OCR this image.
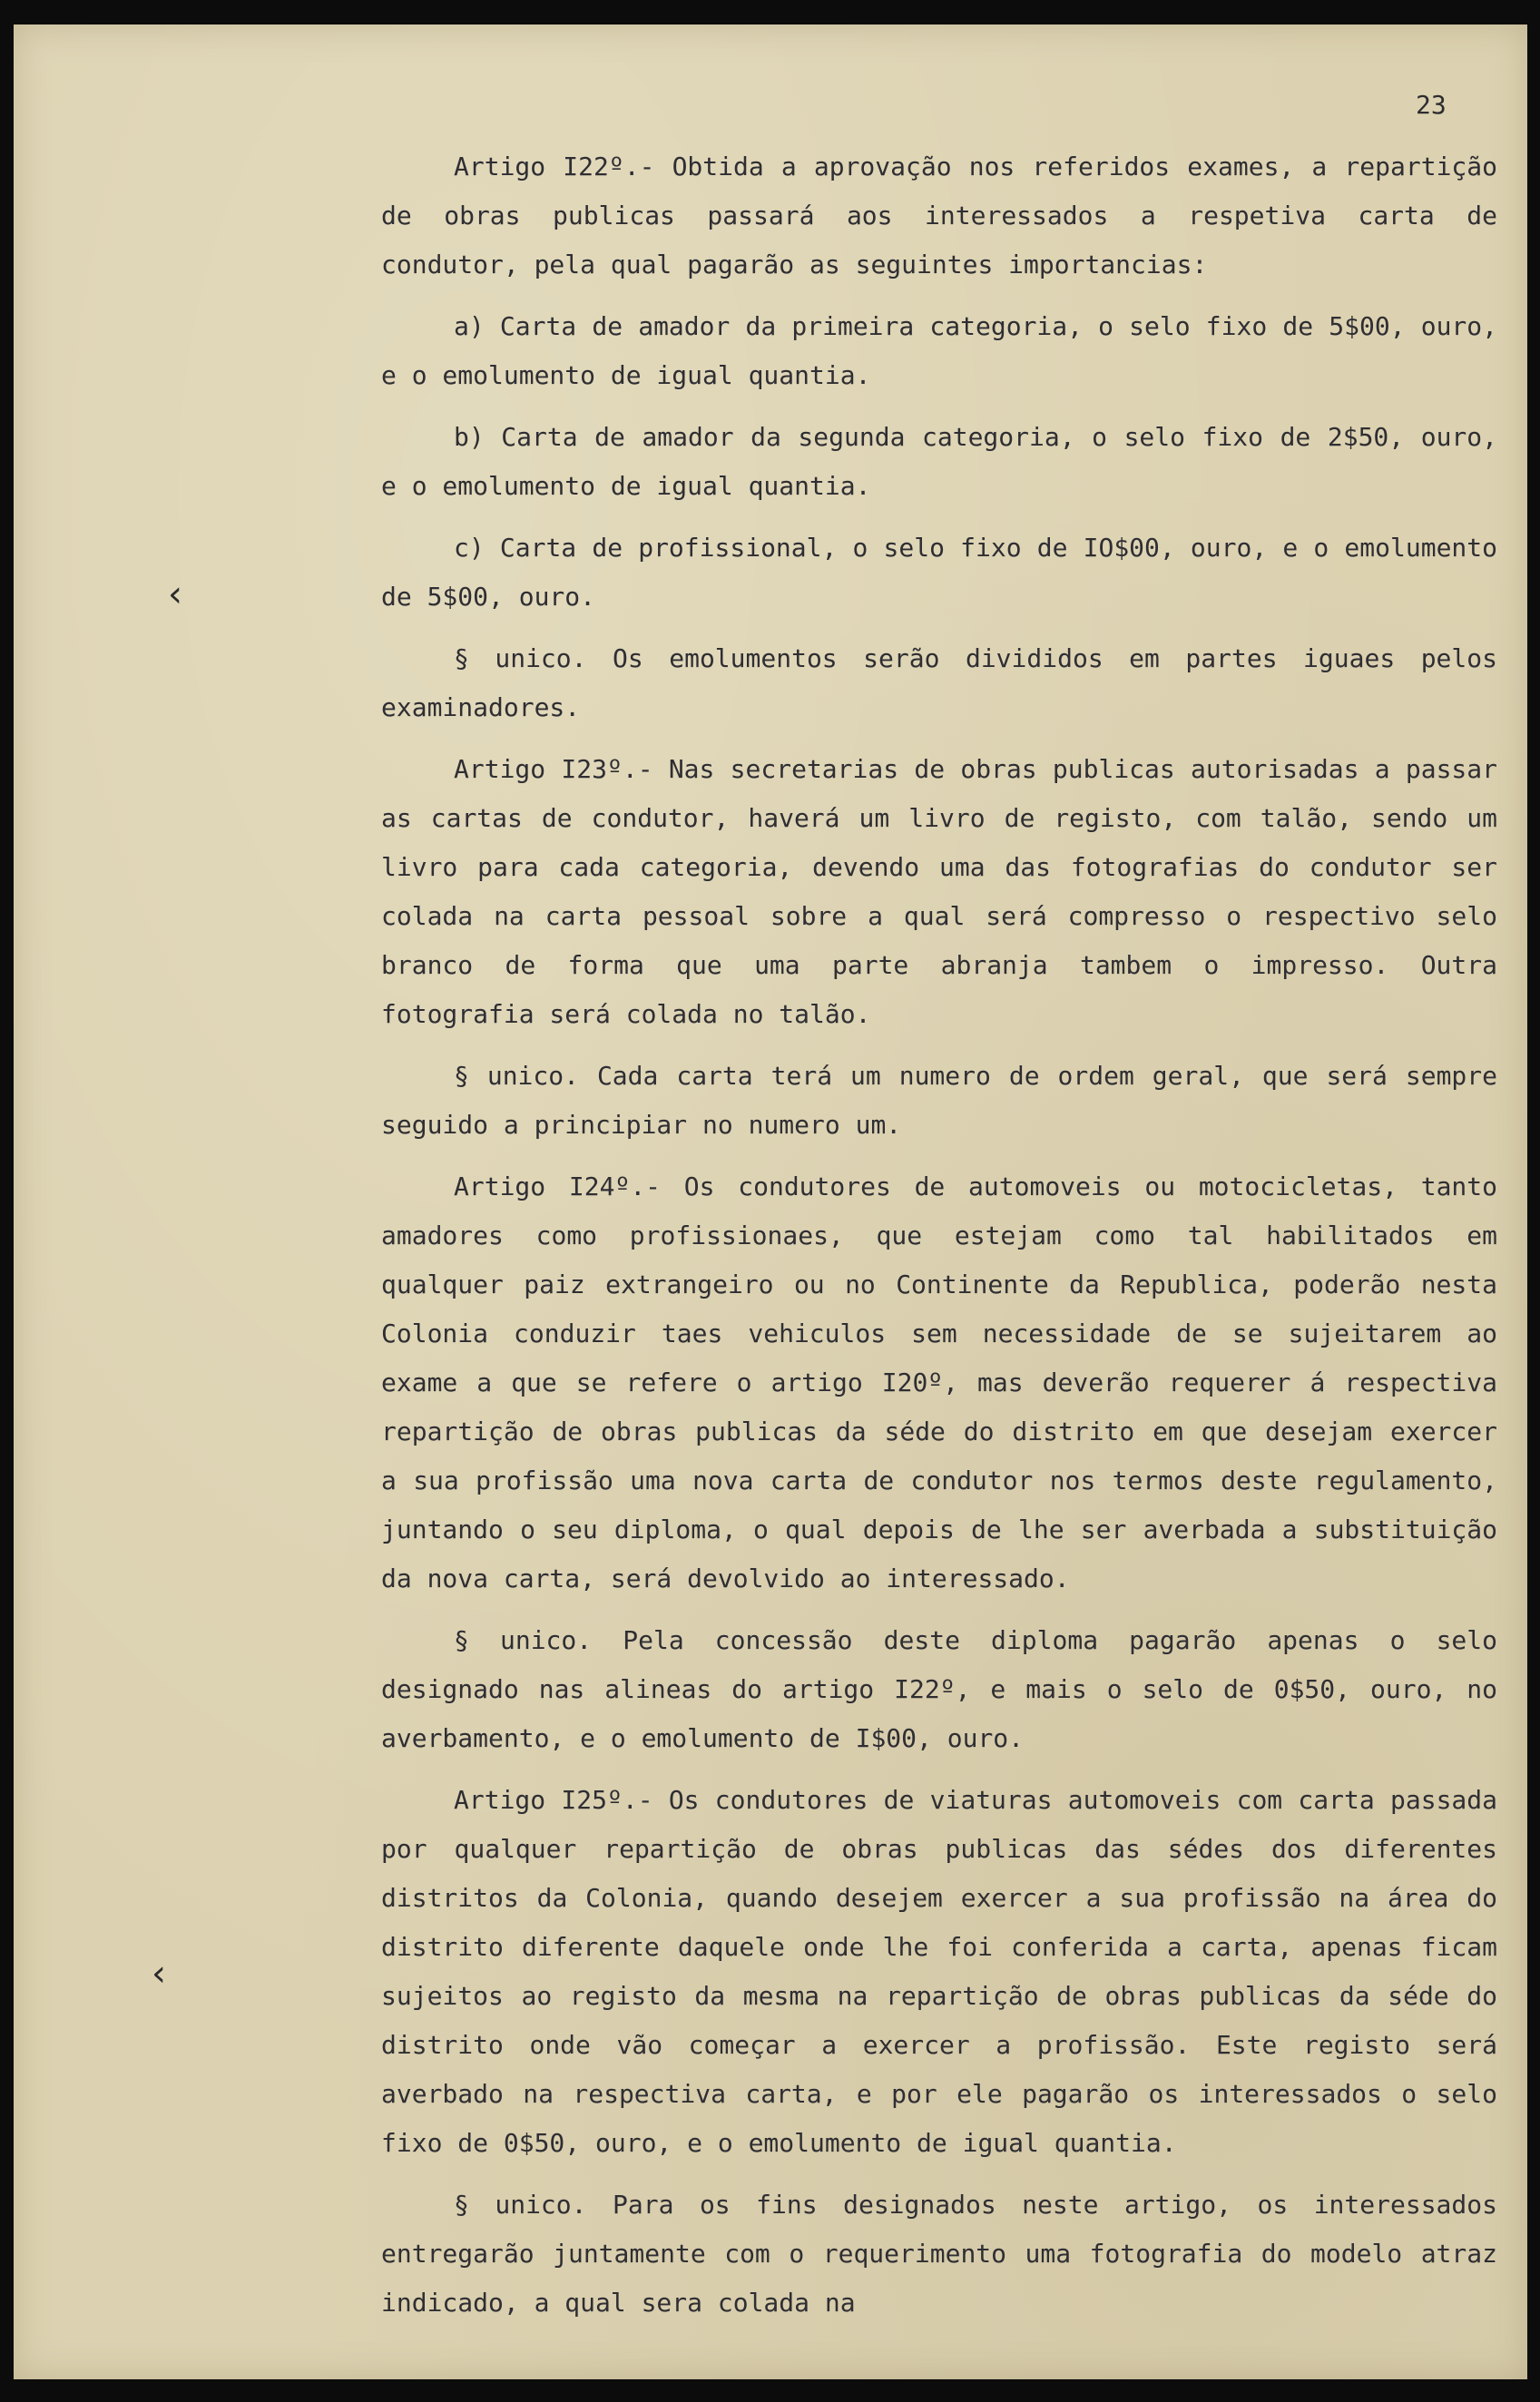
23
‹
‹

Artigo I22º.- Obtida a aprovação nos referidos exames, a repartição de obras publicas passará aos interessados a respetiva carta de condutor, pela qual pagarão as seguintes importancias:

a) Carta de amador da primeira categoria, o selo fixo de 5$00, ouro, e o emolumento de igual quantia.

b) Carta de amador da segunda categoria, o selo fixo de 2$50, ouro, e o emolumento de igual quantia.

c) Carta de profissional, o selo fixo de IO$00, ouro, e o emolumento de 5$00, ouro.

§ unico. Os emolumentos serão divididos em partes iguaes pelos examinadores.

Artigo I23º.- Nas secretarias de obras publicas autorisadas a passar as cartas de condutor, haverá um livro de registo, com talão, sendo um livro para cada categoria, devendo uma das fotografias do condutor ser colada na carta pessoal sobre a qual será compresso o respectivo selo branco de forma que uma parte abranja tambem o impresso. Outra fotografia será colada no talão.

§ unico. Cada carta terá um numero de ordem geral, que será sempre seguido a principiar no numero um.

Artigo I24º.- Os condutores de automoveis ou motocicletas, tanto amadores como profissionaes, que estejam como tal habilitados em qualquer paiz extrangeiro ou no Continente da Republica, poderão nesta Colonia conduzir taes vehiculos sem necessidade de se sujeitarem ao exame a que se refere o artigo I20º, mas deverão requerer á respectiva repartição de obras publicas da séde do distrito em que desejam exercer a sua profissão uma nova carta de condutor nos termos deste regulamento, juntando o seu diploma, o qual depois de lhe ser averbada a substituição da nova carta, será devolvido ao interessado.

§ unico. Pela concessão deste diploma pagarão apenas o selo designado nas alineas do artigo I22º, e mais o selo de 0$50, ouro, no averbamento, e o emolumento de I$00, ouro.

Artigo I25º.- Os condutores de viaturas automoveis com carta passada por qualquer repartição de obras publicas das sédes dos diferentes distritos da Colonia, quando desejem exercer a sua profissão na área do distrito diferente daquele onde lhe foi conferida a carta, apenas ficam sujeitos ao registo da mesma na repartição de obras publicas da séde do distrito onde vão começar a exercer a profissão. Este registo será averbado na respectiva carta, e por ele pagarão os interessados o selo fixo de 0$50, ouro, e o emolumento de igual quantia.

§ unico. Para os fins designados neste artigo, os interessados entregarão juntamente com o requerimento uma fotografia do modelo atraz indicado, a qual sera colada na
